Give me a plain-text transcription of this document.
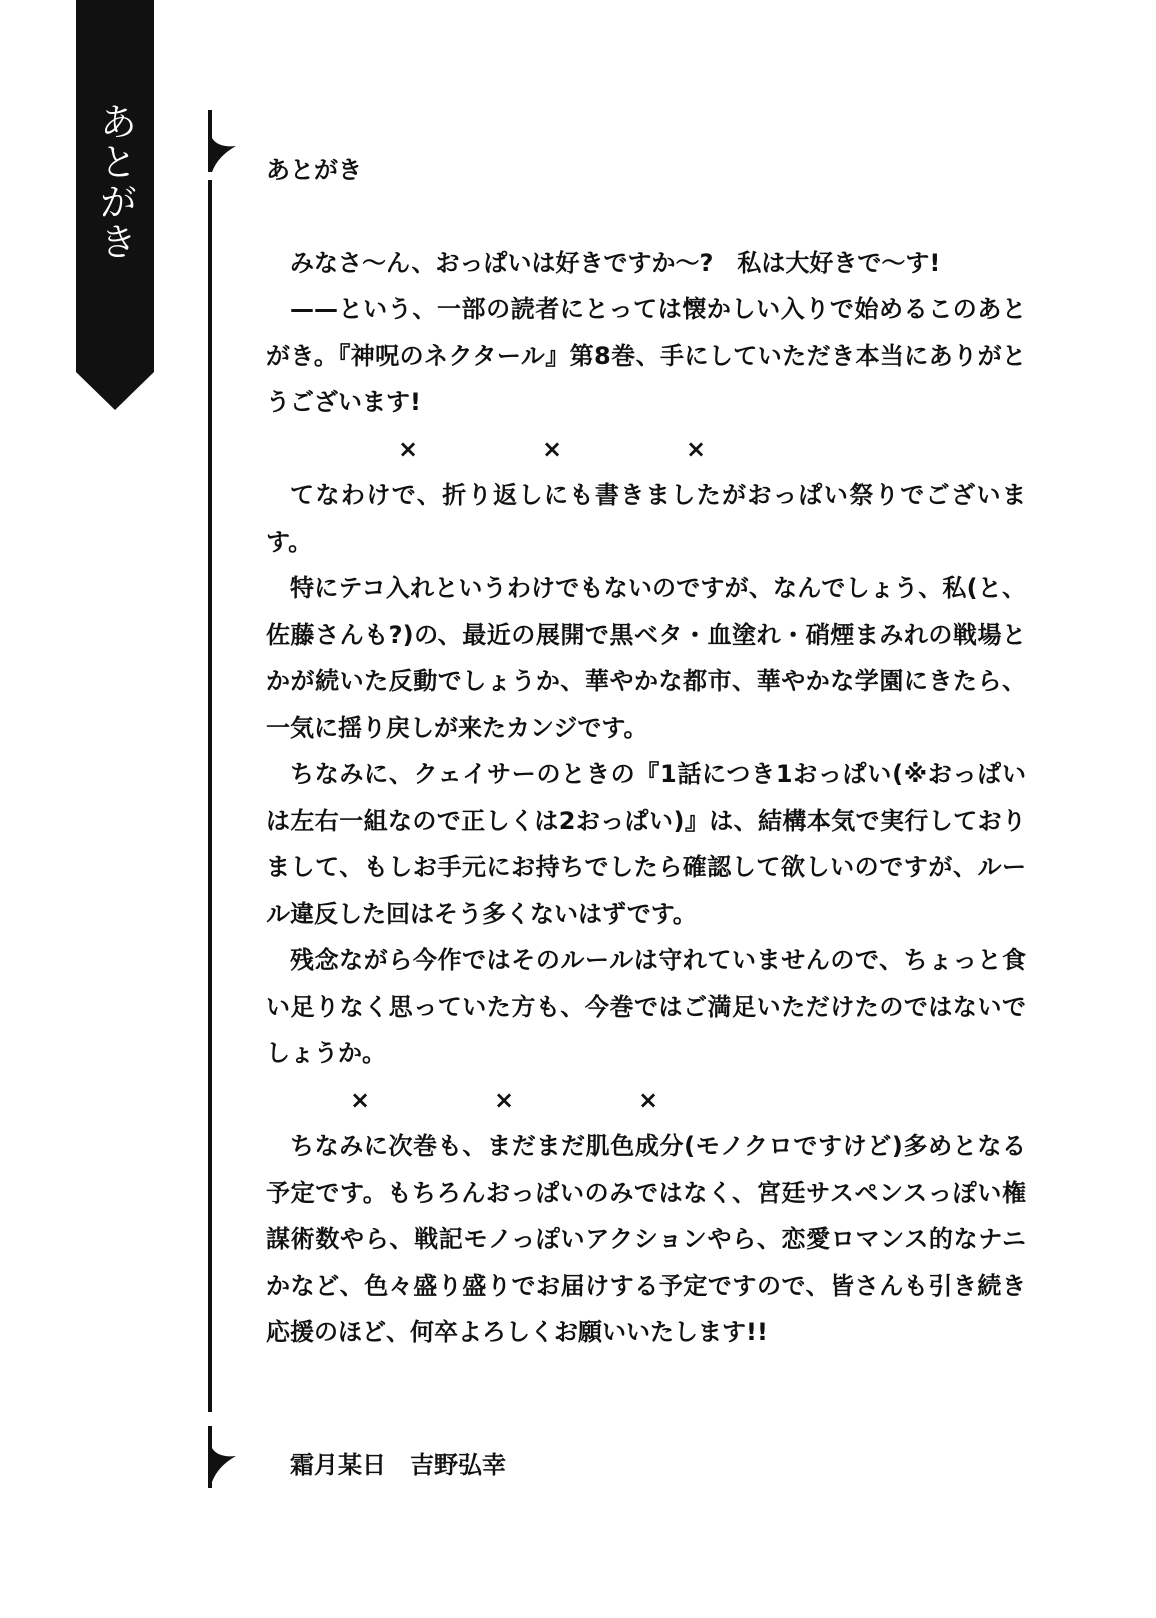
あとがき	あとがき

みなさ〜ん、おっぱいは好きですか〜?　私は大好きで〜す!

——という、一部の読者にとっては懐かしい入りで始めるこのあとがき。『神呪のネクタール』第8巻、手にしていただき本当にありがとうございます!

×	×	×

てなわけで、折り返しにも書きましたがおっぱい祭りでございます。

特にテコ入れというわけでもないのですが、なんでしょう、私(と、佐藤さんも?)の、最近の展開で黒ベタ・血塗れ・硝煙まみれの戦場とかが続いた反動でしょうか、華やかな都市、華やかな学園にきたら、一気に揺り戻しが来たカンジです。

ちなみに、クェイサーのときの『1話につき1おっぱい(※おっぱいは左右一組なので正しくは2おっぱい)』は、結構本気で実行しておりまして、もしお手元にお持ちでしたら確認して欲しいのですが、ルール違反した回はそう多くないはずです。

残念ながら今作ではそのルールは守れていませんので、ちょっと食い足りなく思っていた方も、今巻ではご満足いただけたのではないでしょうか。

×	×	×

ちなみに次巻も、まだまだ肌色成分(モノクロですけど)多めとなる予定です。もちろんおっぱいのみではなく、宮廷サスペンスっぽい権謀術数やら、戦記モノっぽいアクションやら、恋愛ロマンス的なナニかなど、色々盛り盛りでお届けする予定ですので、皆さんも引き続き応援のほど、何卒よろしくお願いいたします!!

霜月某日 吉野弘幸
